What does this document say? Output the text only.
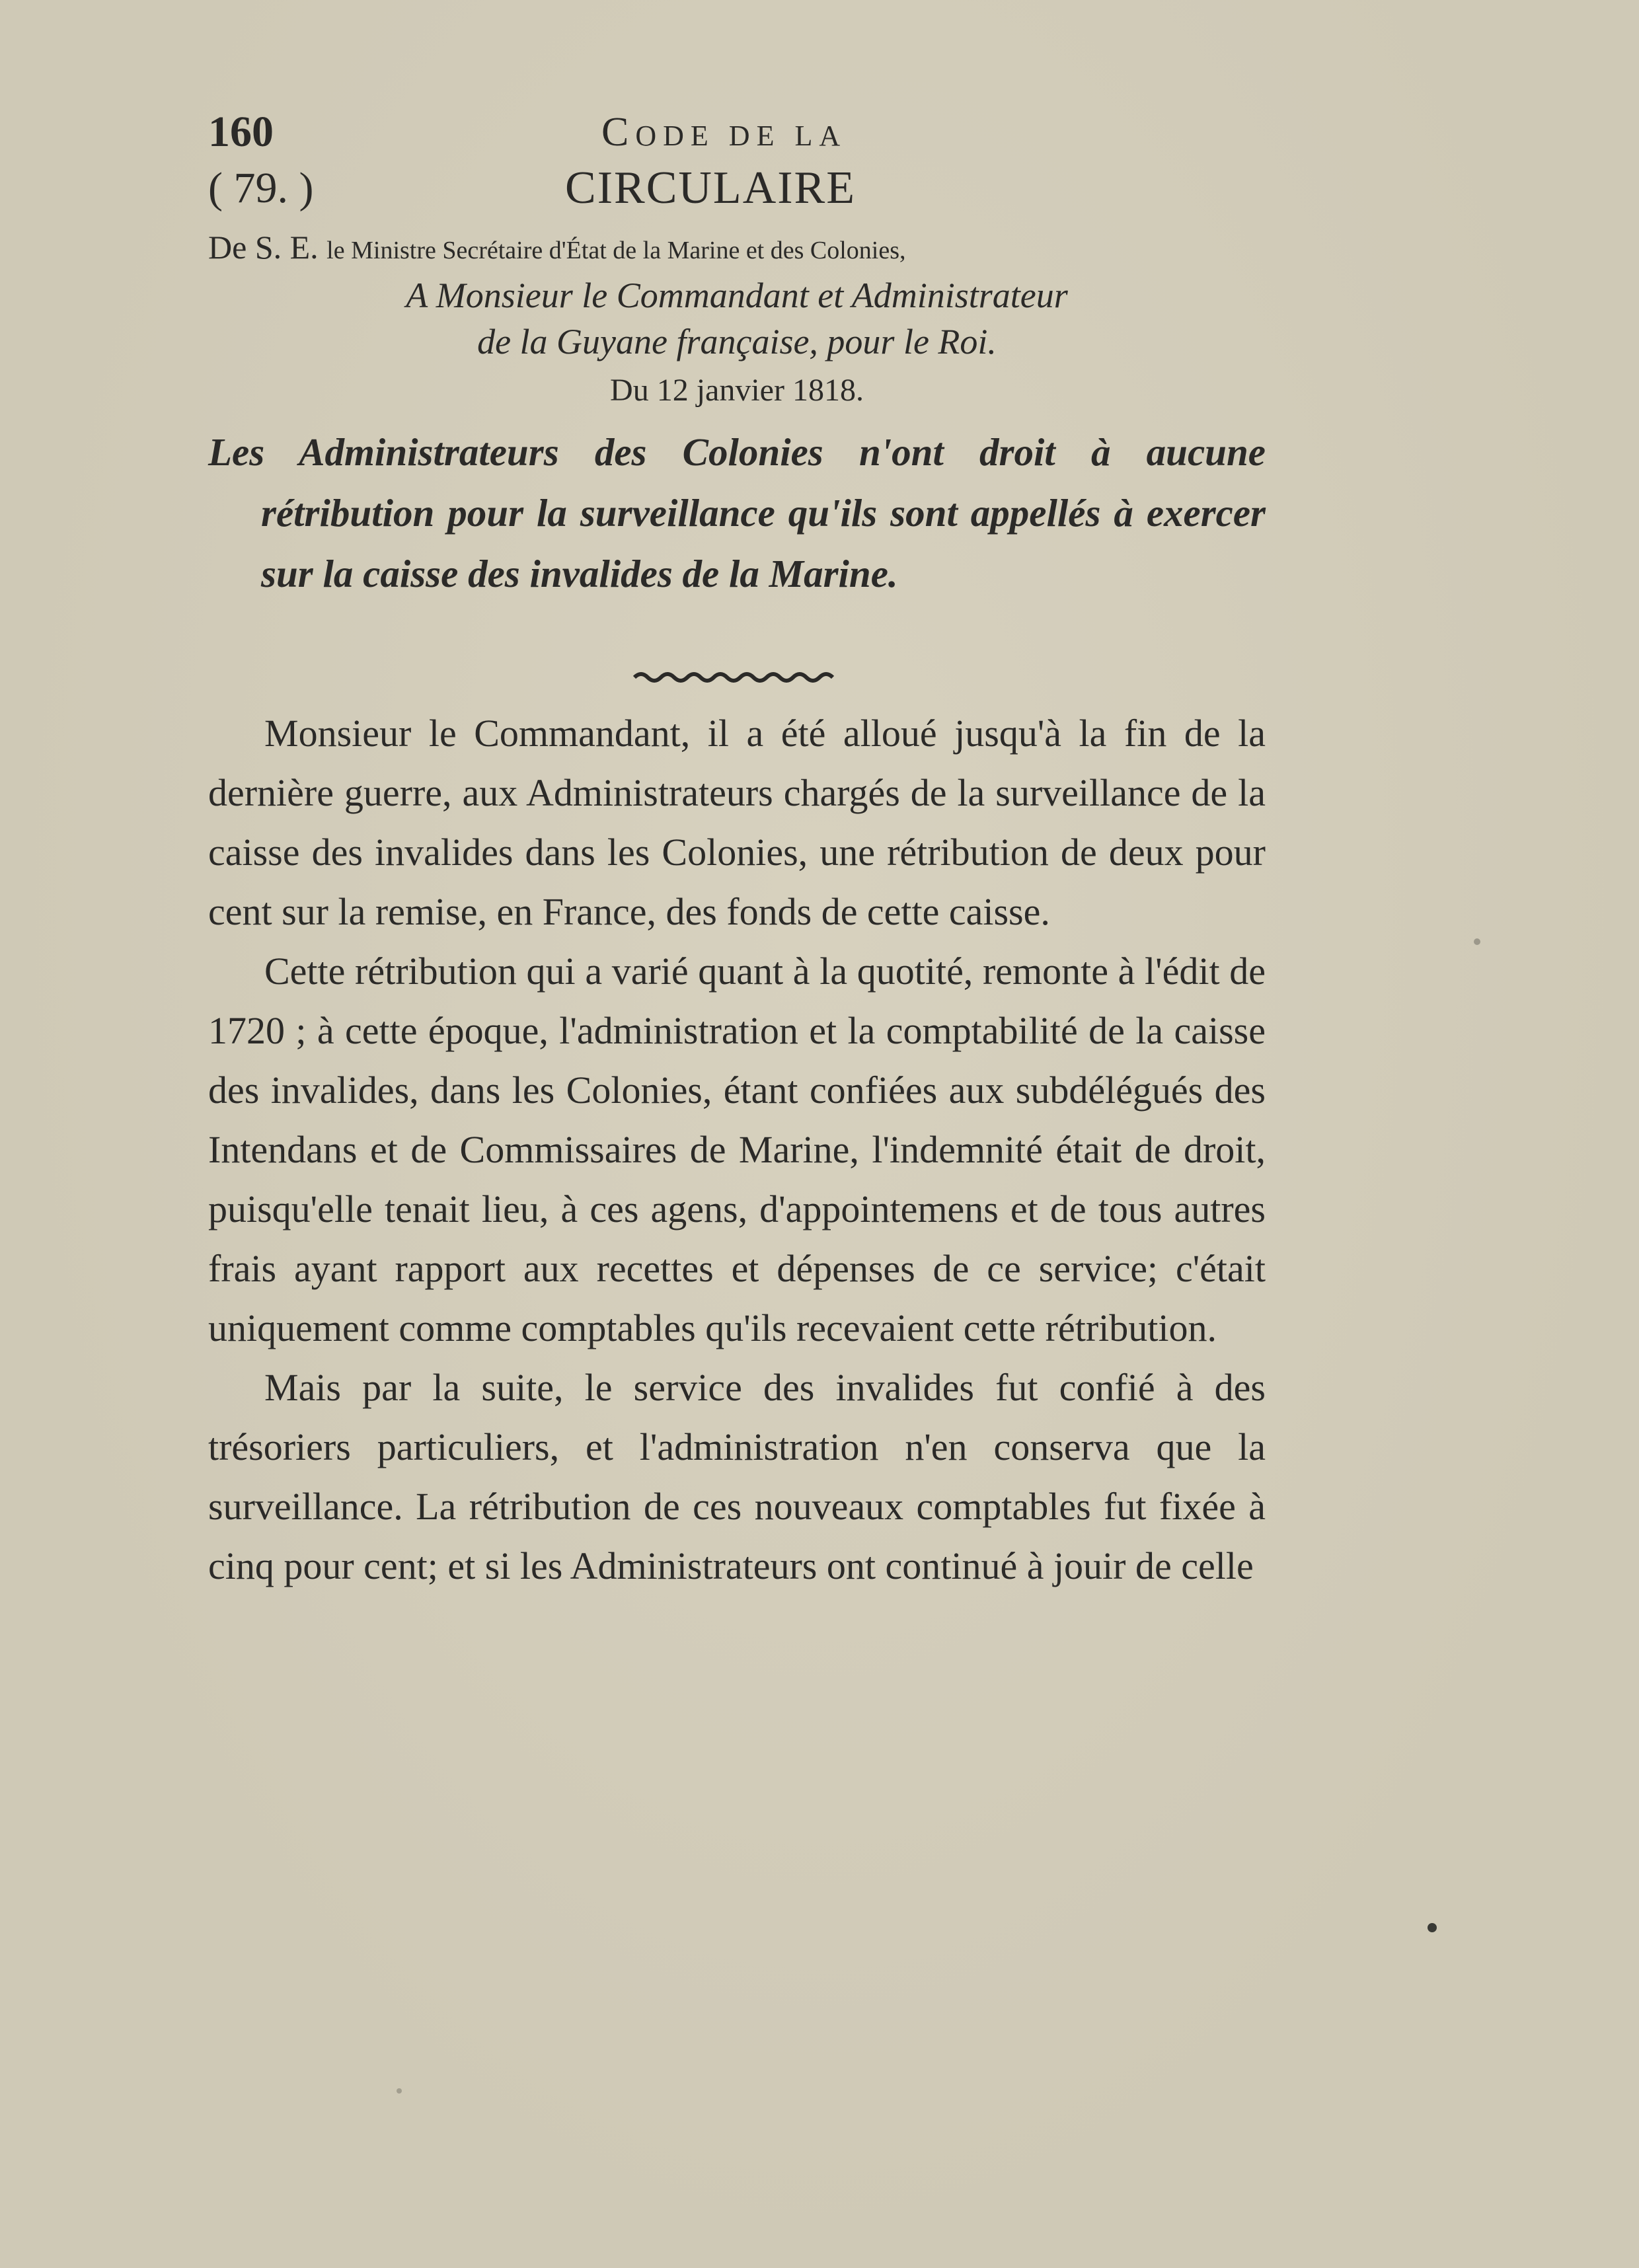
160	CODE DE LA
( 79. )	CIRCULAIRE
De S. E. le Ministre Secrétaire d'État de la Marine et des Colonies,
A Monsieur le Commandant et Administrateur
de la Guyane française, pour le Roi.
Du 12 janvier 1818.
Les Administrateurs des Colonies n'ont droit à aucune rétribution pour la surveillance qu'ils sont appellés à exercer sur la caisse des invalides de la Marine.

Monsieur le Commandant, il a été alloué jusqu'à la fin de la dernière guerre, aux Administrateurs chargés de la surveillance de la caisse des invalides dans les Colonies, une rétribution de deux pour cent sur la remise, en France, des fonds de cette caisse.

Cette rétribution qui a varié quant à la quotité, remonte à l'édit de 1720 ; à cette époque, l'administration et la comptabilité de la caisse des invalides, dans les Colonies, étant confiées aux subdélégués des Intendans et de Commissaires de Marine, l'indemnité était de droit, puisqu'elle tenait lieu, à ces agens, d'appointemens et de tous autres frais ayant rapport aux recettes et dépenses de ce service; c'était uniquement comme comptables qu'ils recevaient cette rétribution.

Mais par la suite, le service des invalides fut confié à des trésoriers particuliers, et l'administration n'en conserva que la surveillance. La rétribution de ces nouveaux comptables fut fixée à cinq pour cent; et si les Administrateurs ont continué à jouir de celle
